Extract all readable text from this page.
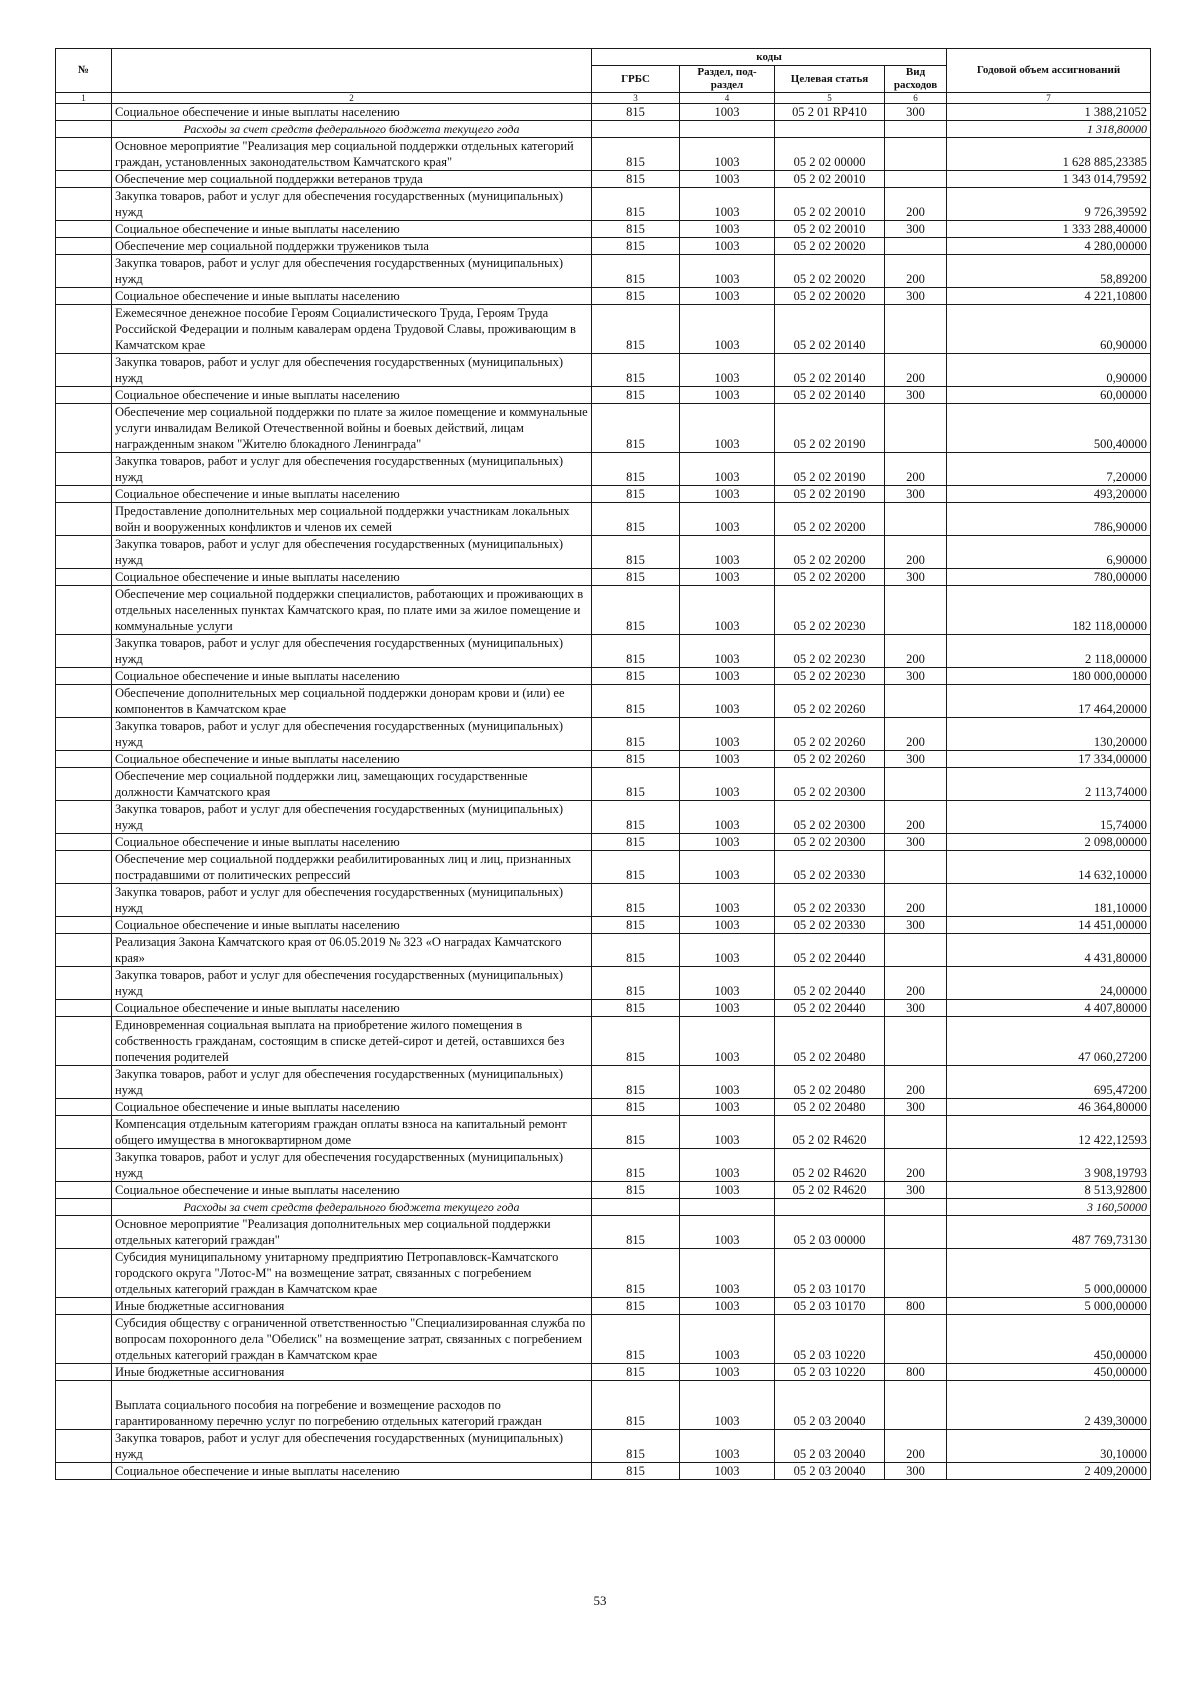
№		коды				Годовой объем ассигнований
		ГРБС	Раздел, под-раздел	Целевая статья	Вид расходов	
1	2	3	4	5	6	7
	Социальное обеспечение и иные выплаты населению	815	1003	05 2 01 RP410	300	1 388,21052
	Расходы за счет средств федерального бюджета текущего года					1 318,80000
	Основное мероприятие "Реализация мер социальной поддержки отдельных категорий граждан, установленных законодательством Камчатского края"	815	1003	05 2 02 00000		1 628 885,23385
	Обеспечение мер социальной поддержки ветеранов труда	815	1003	05 2 02 20010		1 343 014,79592
	Закупка товаров, работ и услуг для обеспечения государственных (муниципальных) нужд	815	1003	05 2 02 20010	200	9 726,39592
	Социальное обеспечение и иные выплаты населению	815	1003	05 2 02 20010	300	1 333 288,40000
	Обеспечение мер социальной поддержки тружеников тыла	815	1003	05 2 02 20020		4 280,00000
	Закупка товаров, работ и услуг для обеспечения государственных (муниципальных) нужд	815	1003	05 2 02 20020	200	58,89200
	Социальное обеспечение и иные выплаты населению	815	1003	05 2 02 20020	300	4 221,10800
	Ежемесячное денежное пособие Героям Социалистического Труда, Героям Труда Российской Федерации и полным кавалерам ордена Трудовой Славы, проживающим в Камчатском крае	815	1003	05 2 02 20140		60,90000
	Закупка товаров, работ и услуг для обеспечения государственных (муниципальных) нужд	815	1003	05 2 02 20140	200	0,90000
	Социальное обеспечение и иные выплаты населению	815	1003	05 2 02 20140	300	60,00000
	Обеспечение мер социальной поддержки по плате за жилое помещение и коммунальные услуги инвалидам Великой Отечественной войны и боевых действий, лицам награжденным знаком "Жителю блокадного Ленинграда"	815	1003	05 2 02 20190		500,40000
	Закупка товаров, работ и услуг для обеспечения государственных (муниципальных) нужд	815	1003	05 2 02 20190	200	7,20000
	Социальное обеспечение и иные выплаты населению	815	1003	05 2 02 20190	300	493,20000
	Предоставление дополнительных мер социальной поддержки участникам локальных войн и вооруженных конфликтов и членов их семей	815	1003	05 2 02 20200		786,90000
	Закупка товаров, работ и услуг для обеспечения государственных (муниципальных) нужд	815	1003	05 2 02 20200	200	6,90000
	Социальное обеспечение и иные выплаты населению	815	1003	05 2 02 20200	300	780,00000
	Обеспечение мер социальной поддержки специалистов, работающих и проживающих в отдельных населенных пунктах Камчатского края, по плате ими за жилое помещение и коммунальные услуги	815	1003	05 2 02 20230		182 118,00000
	Закупка товаров, работ и услуг для обеспечения государственных (муниципальных) нужд	815	1003	05 2 02 20230	200	2 118,00000
	Социальное обеспечение и иные выплаты населению	815	1003	05 2 02 20230	300	180 000,00000
	Обеспечение дополнительных мер социальной поддержки донорам крови и (или) ее компонентов в Камчатском крае	815	1003	05 2 02 20260		17 464,20000
	Закупка товаров, работ и услуг для обеспечения государственных (муниципальных) нужд	815	1003	05 2 02 20260	200	130,20000
	Социальное обеспечение и иные выплаты населению	815	1003	05 2 02 20260	300	17 334,00000
	Обеспечение мер социальной поддержки лиц, замещающих государственные должности Камчатского края	815	1003	05 2 02 20300		2 113,74000
	Закупка товаров, работ и услуг для обеспечения государственных (муниципальных) нужд	815	1003	05 2 02 20300	200	15,74000
	Социальное обеспечение и иные выплаты населению	815	1003	05 2 02 20300	300	2 098,00000
	Обеспечение мер социальной поддержки реабилитированных лиц и лиц, признанных пострадавшими от политических репрессий	815	1003	05 2 02 20330		14 632,10000
	Закупка товаров, работ и услуг для обеспечения государственных (муниципальных) нужд	815	1003	05 2 02 20330	200	181,10000
	Социальное обеспечение и иные выплаты населению	815	1003	05 2 02 20330	300	14 451,00000
	Реализация Закона Камчатского края от 06.05.2019 № 323 «О наградах Камчатского края»	815	1003	05 2 02 20440		4 431,80000
	Закупка товаров, работ и услуг для обеспечения государственных (муниципальных) нужд	815	1003	05 2 02 20440	200	24,00000
	Социальное обеспечение и иные выплаты населению	815	1003	05 2 02 20440	300	4 407,80000
	Единовременная социальная выплата на приобретение жилого помещения в собственность гражданам, состоящим в списке детей-сирот и детей, оставшихся без попечения родителей	815	1003	05 2 02 20480		47 060,27200
	Закупка товаров, работ и услуг для обеспечения государственных (муниципальных) нужд	815	1003	05 2 02 20480	200	695,47200
	Социальное обеспечение и иные выплаты населению	815	1003	05 2 02 20480	300	46 364,80000
	Компенсация отдельным категориям граждан оплаты взноса на капитальный ремонт общего имущества в многоквартирном доме	815	1003	05 2 02 R4620		12 422,12593
	Закупка товаров, работ и услуг для обеспечения государственных (муниципальных) нужд	815	1003	05 2 02 R4620	200	3 908,19793
	Социальное обеспечение и иные выплаты населению	815	1003	05 2 02 R4620	300	8 513,92800
	Расходы за счет средств федерального бюджета текущего года					3 160,50000
	Основное мероприятие "Реализация дополнительных мер социальной поддержки отдельных категорий граждан"	815	1003	05 2 03 00000		487 769,73130
	Субсидия муниципальному унитарному предприятию Петропавловск-Камчатского городского округа "Лотос-М" на возмещение затрат, связанных с погребением отдельных категорий граждан в Камчатском крае	815	1003	05 2 03 10170		5 000,00000
	Иные бюджетные ассигнования	815	1003	05 2 03 10170	800	5 000,00000
	Субсидия обществу с ограниченной ответственностью "Специализированная служба по вопросам похоронного дела "Обелиск" на возмещение затрат, связанных с погребением отдельных категорий граждан в Камчатском крае	815	1003	05 2 03 10220		450,00000
	Иные бюджетные ассигнования	815	1003	05 2 03 10220	800	450,00000
	Выплата социального пособия на погребение и возмещение расходов по гарантированному перечню услуг по погребению отдельных категорий граждан	815	1003	05 2 03 20040		2 439,30000
	Закупка товаров, работ и услуг для обеспечения государственных (муниципальных) нужд	815	1003	05 2 03 20040	200	30,10000
	Социальное обеспечение и иные выплаты населению	815	1003	05 2 03 20040	300	2 409,20000
53
